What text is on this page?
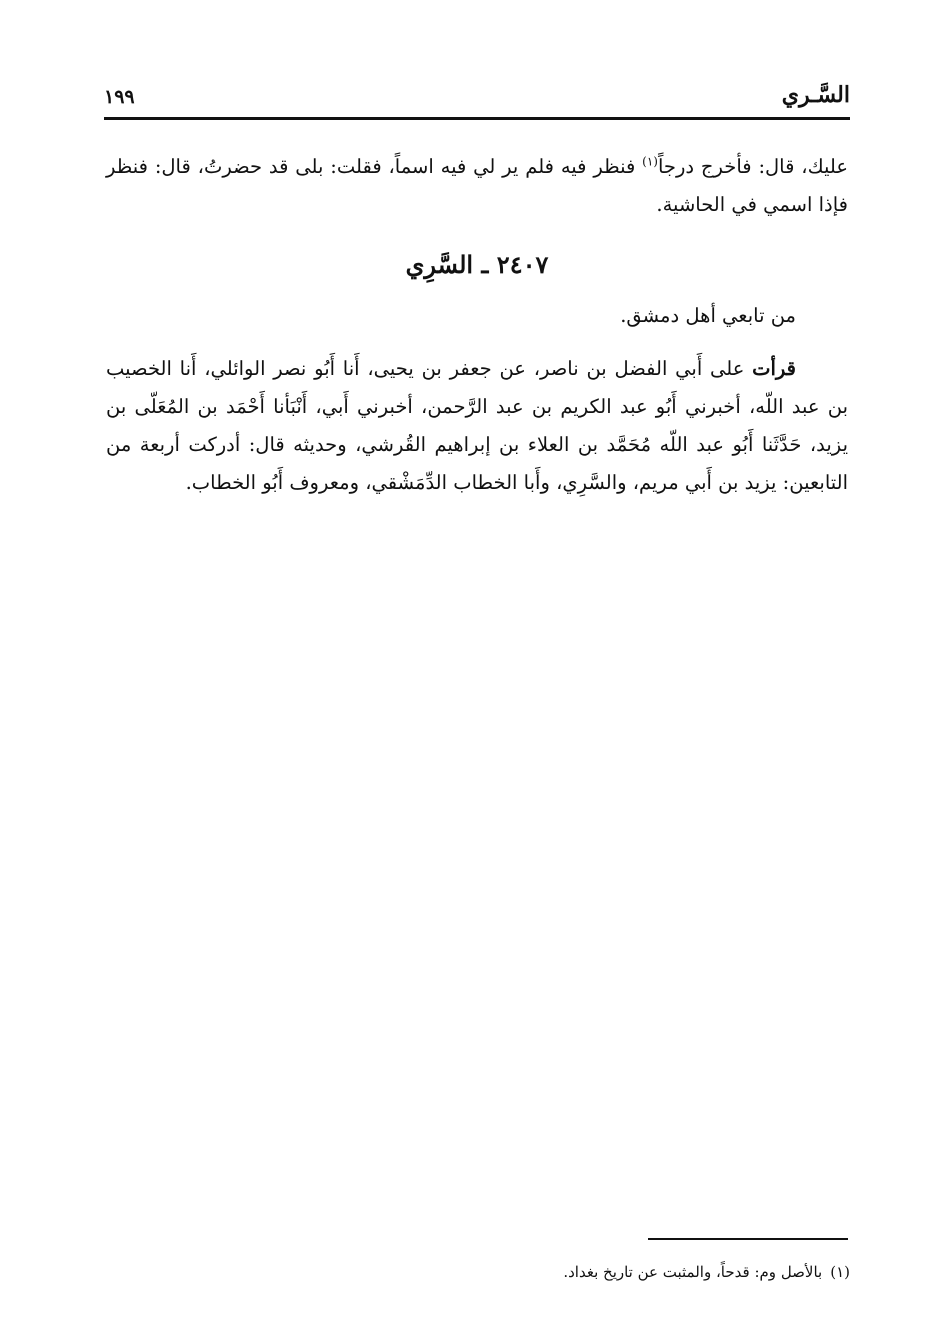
١٩٩	السَّـري

عليك، قال: فأخرج درجاً$^{(١)}$ فنظر فيه فلم ير لي فيه اسماً، فقلت: بلى قد حضرتُ، قال: فنظر فإذا اسمي في الحاشية.

٢٤٠٧ ـ السَّرِي

من تابعي أهل دمشق.

قرأت على أَبي الفضل بن ناصر، عن جعفر بن يحيى، أَنا أَبُو نصر الوائلي، أَنا الخصيب بن عبد اللّه، أخبرني أَبُو عبد الكريم بن عبد الرَّحمن، أخبرني أَبي، أَنْبَأنا أَحْمَد بن المُعَلّى بن يزيد، حَدَّثَنا أَبُو عبد اللّه مُحَمَّد بن العلاء بن إبراهيم القُرشي، وحديثه قال: أدركت أربعة من التابعين: يزيد بن أَبي مريم، والسَّرِي، وأَبا الخطاب الدِّمَشْقي، ومعروف أَبُو الخطاب.

(١)بالأصل وم: قدحاً، والمثبت عن تاريخ بغداد.
